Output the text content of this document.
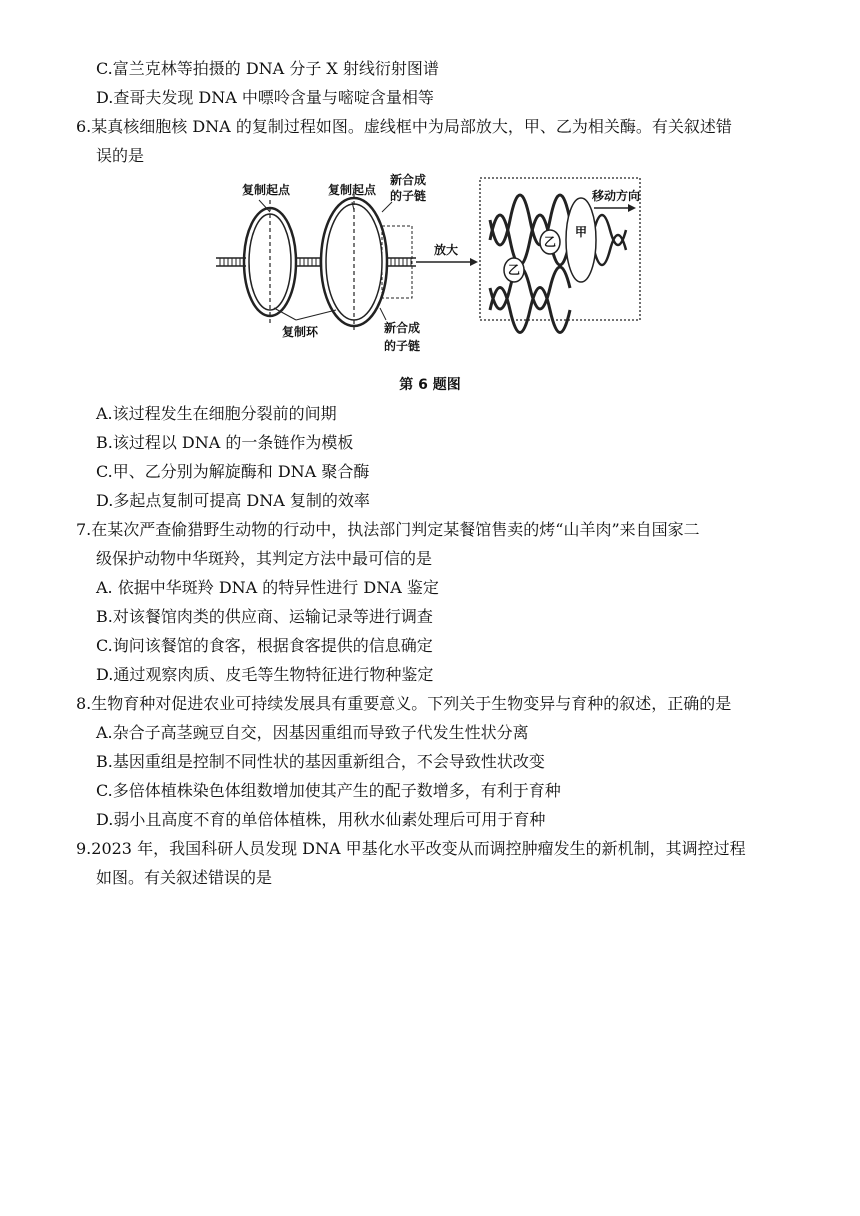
C.富兰克林等拍摄的 DNA 分子 X 射线衍射图谱
D.查哥夫发现 DNA 中嘌呤含量与嘧啶含量相等
6.某真核细胞核 DNA 的复制过程如图。虚线框中为局部放大，甲、乙为相关酶。有关叙述错
误的是
放大
甲
乙
乙
移动方向
复制起点	复制起点
新合成
的子链
复制环	新合成
的子链
第 6 题图
A.该过程发生在细胞分裂前的间期
B.该过程以 DNA 的一条链作为模板
C.甲、乙分别为解旋酶和 DNA 聚合酶
D.多起点复制可提高 DNA 复制的效率
7.在某次严查偷猎野生动物的行动中，执法部门判定某餐馆售卖的烤“山羊肉”来自国家二
级保护动物中华斑羚，其判定方法中最可信的是
A. 依据中华斑羚 DNA 的特异性进行 DNA 鉴定
B.对该餐馆肉类的供应商、运输记录等进行调查
C.询问该餐馆的食客，根据食客提供的信息确定
D.通过观察肉质、皮毛等生物特征进行物种鉴定
8.生物育种对促进农业可持续发展具有重要意义。下列关于生物变异与育种的叙述，正确的是
A.杂合子高茎豌豆自交，因基因重组而导致子代发生性状分离
B.基因重组是控制不同性状的基因重新组合，不会导致性状改变
C.多倍体植株染色体组数增加使其产生的配子数增多，有利于育种
D.弱小且高度不育的单倍体植株，用秋水仙素处理后可用于育种
9.2023 年，我国科研人员发现 DNA 甲基化水平改变从而调控肿瘤发生的新机制，其调控过程
如图。有关叙述错误的是
